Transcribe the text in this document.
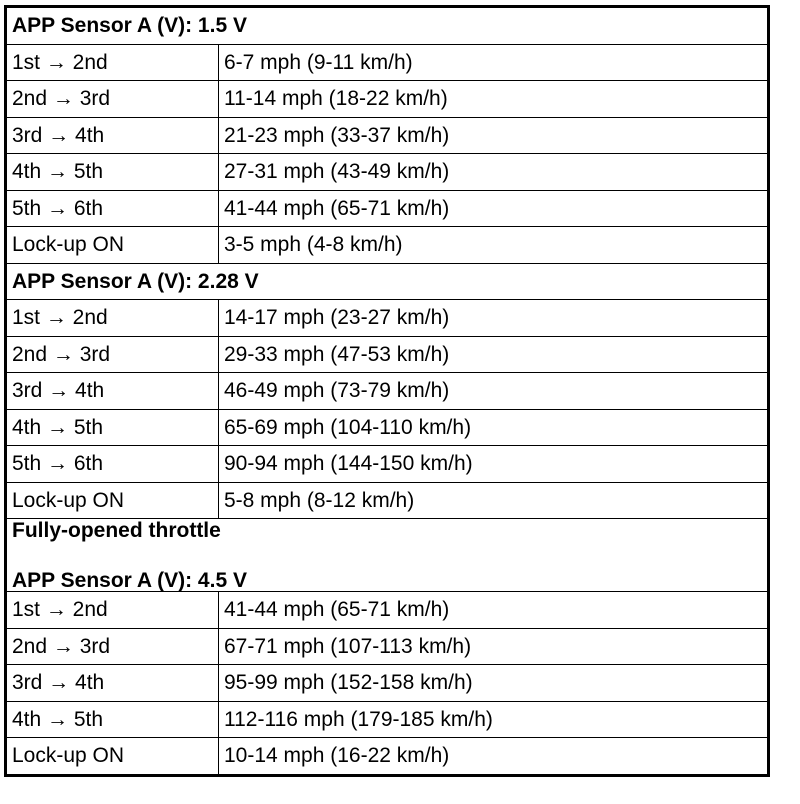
APP Sensor A (V): 1.5 V	

1st → 2nd	6-7 mph (9-11 km/h)
2nd → 3rd	11-14 mph (18-22 km/h)
3rd → 4th	21-23 mph (33-37 km/h)
4th → 5th	27-31 mph (43-49 km/h)
5th → 6th	41-44 mph (65-71 km/h)
Lock-up ON	3-5 mph (4-8 km/h)

APP Sensor A (V): 2.28 V	

1st → 2nd	14-17 mph (23-27 km/h)
2nd → 3rd	29-33 mph (47-53 km/h)
3rd → 4th	46-49 mph (73-79 km/h)
4th → 5th	65-69 mph (104-110 km/h)
5th → 6th	90-94 mph (144-150 km/h)
Lock-up ON	5-8 mph (8-12 km/h)

Fully-opened throttle
APP Sensor A (V): 4.5 V	

1st → 2nd	41-44 mph (65-71 km/h)
2nd → 3rd	67-71 mph (107-113 km/h)
3rd → 4th	95-99 mph (152-158 km/h)
4th → 5th	112-116 mph (179-185 km/h)
Lock-up ON	10-14 mph (16-22 km/h)
